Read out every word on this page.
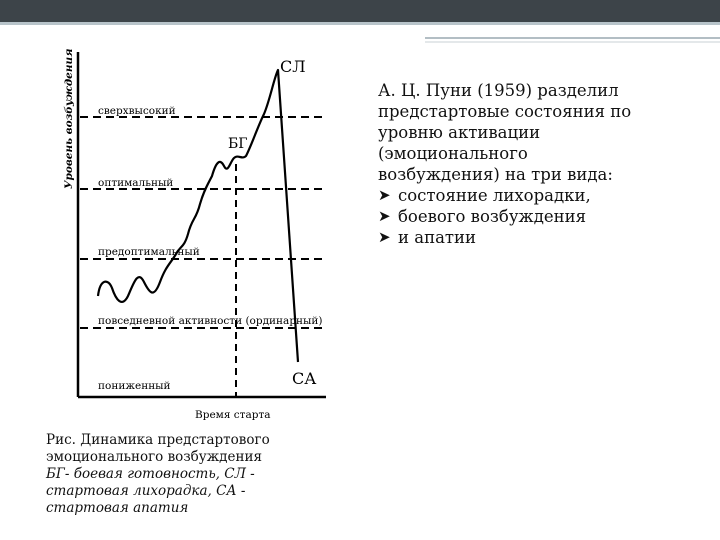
сверхвысокий
оптимальный
предоптимальный
повседневной активности (ординарный)
пониженный
СЛ
БГ
СА
Уровень возбуждения
Время старта
Рис. Динамика предстартового
эмоционального возбуждения
БГ- боевая готовность, СЛ -
стартовая лихорадка, СА -
стартовая апатия
А. Ц. Пуни (1959) разделил
предстартовые состояния по
уровню активации
(эмоционального
возбуждения) на три вида:
➤ состояние лихорадки,
➤ боевого возбуждения
➤ и апатии
